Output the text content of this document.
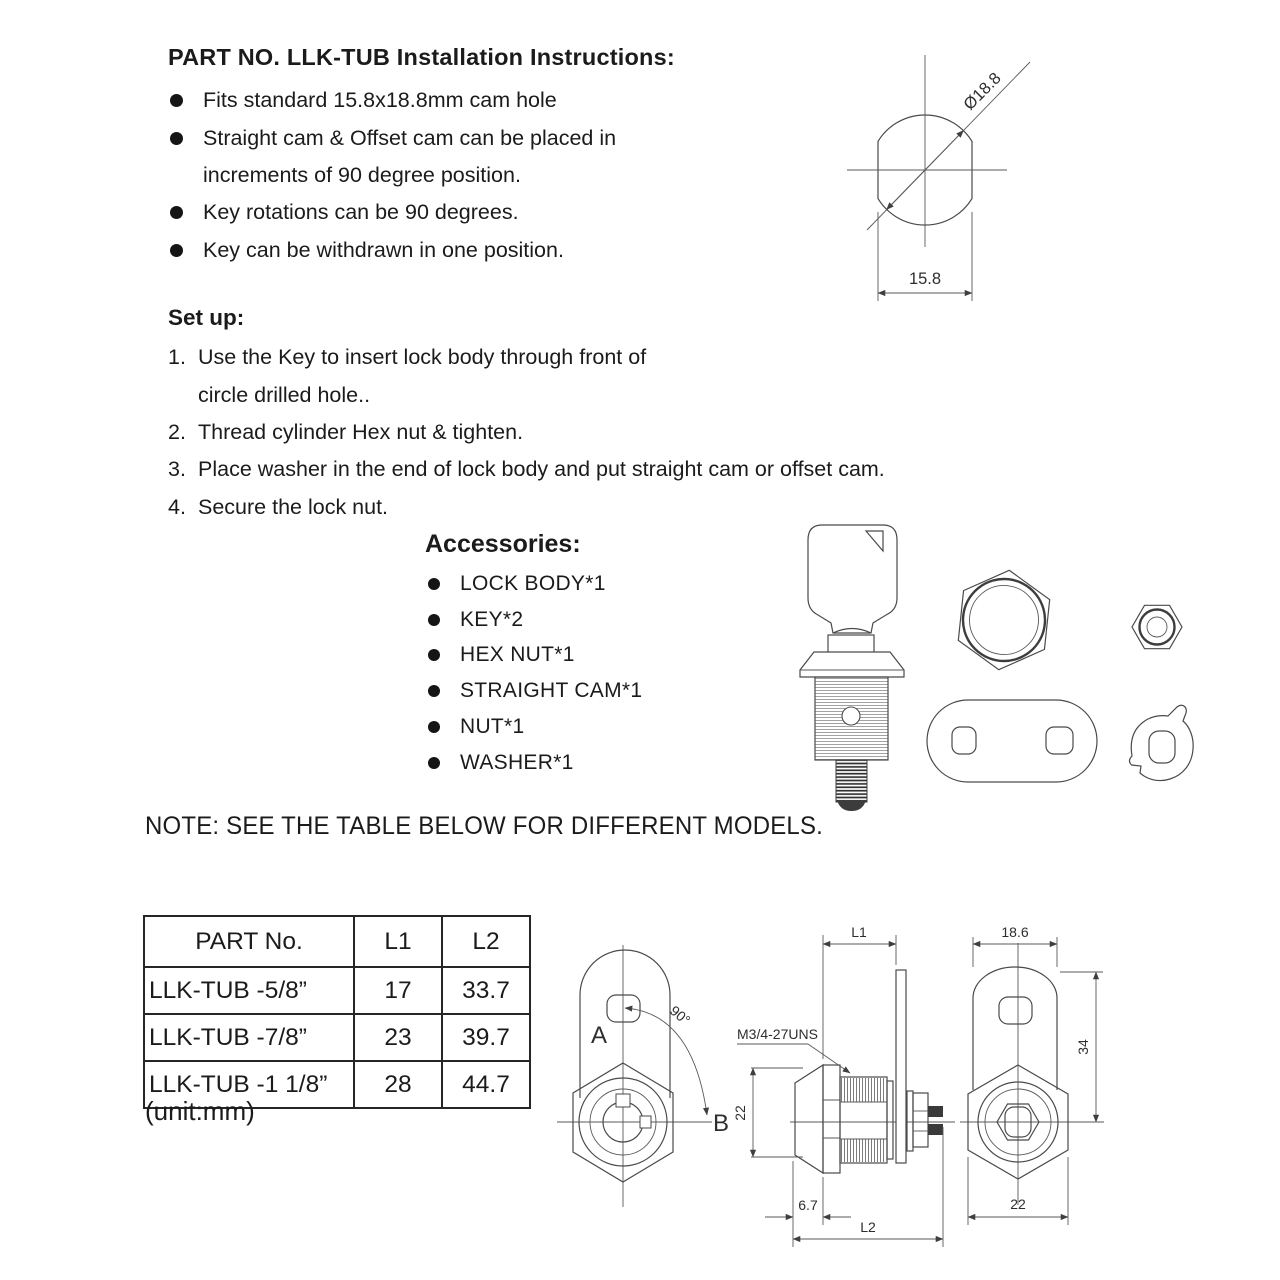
PART NO. LLK-TUB Installation Instructions:
Fits standard 15.8x18.8mm cam hole
Straight cam & Offset cam can be placed in
increments of 90 degree position.
Key rotations can be 90 degrees.
Key can be withdrawn in one position.
Set up:
1. Use the Key to insert lock body through front of
circle drilled hole..
2. Thread cylinder Hex nut & tighten.
3. Place washer in the end of lock body and put straight cam or offset cam.
4. Secure the lock nut.
Accessories:
LOCK BODY*1
KEY*2
HEX NUT*1
STRAIGHT CAM*1
NUT*1
WASHER*1
NOTE: SEE THE TABLE BELOW FOR DIFFERENT MODELS.
PART No.	L1	L2
LLK-TUB -5/8”	17	33.7
LLK-TUB -7/8”	23	39.7
LLK-TUB -1 1/8”	28	44.7
(unit:mm)
Ø18.8
15.8
A
90°
B
L1
M3/4-27UNS
22
6.7
L2
18.6
34
22
